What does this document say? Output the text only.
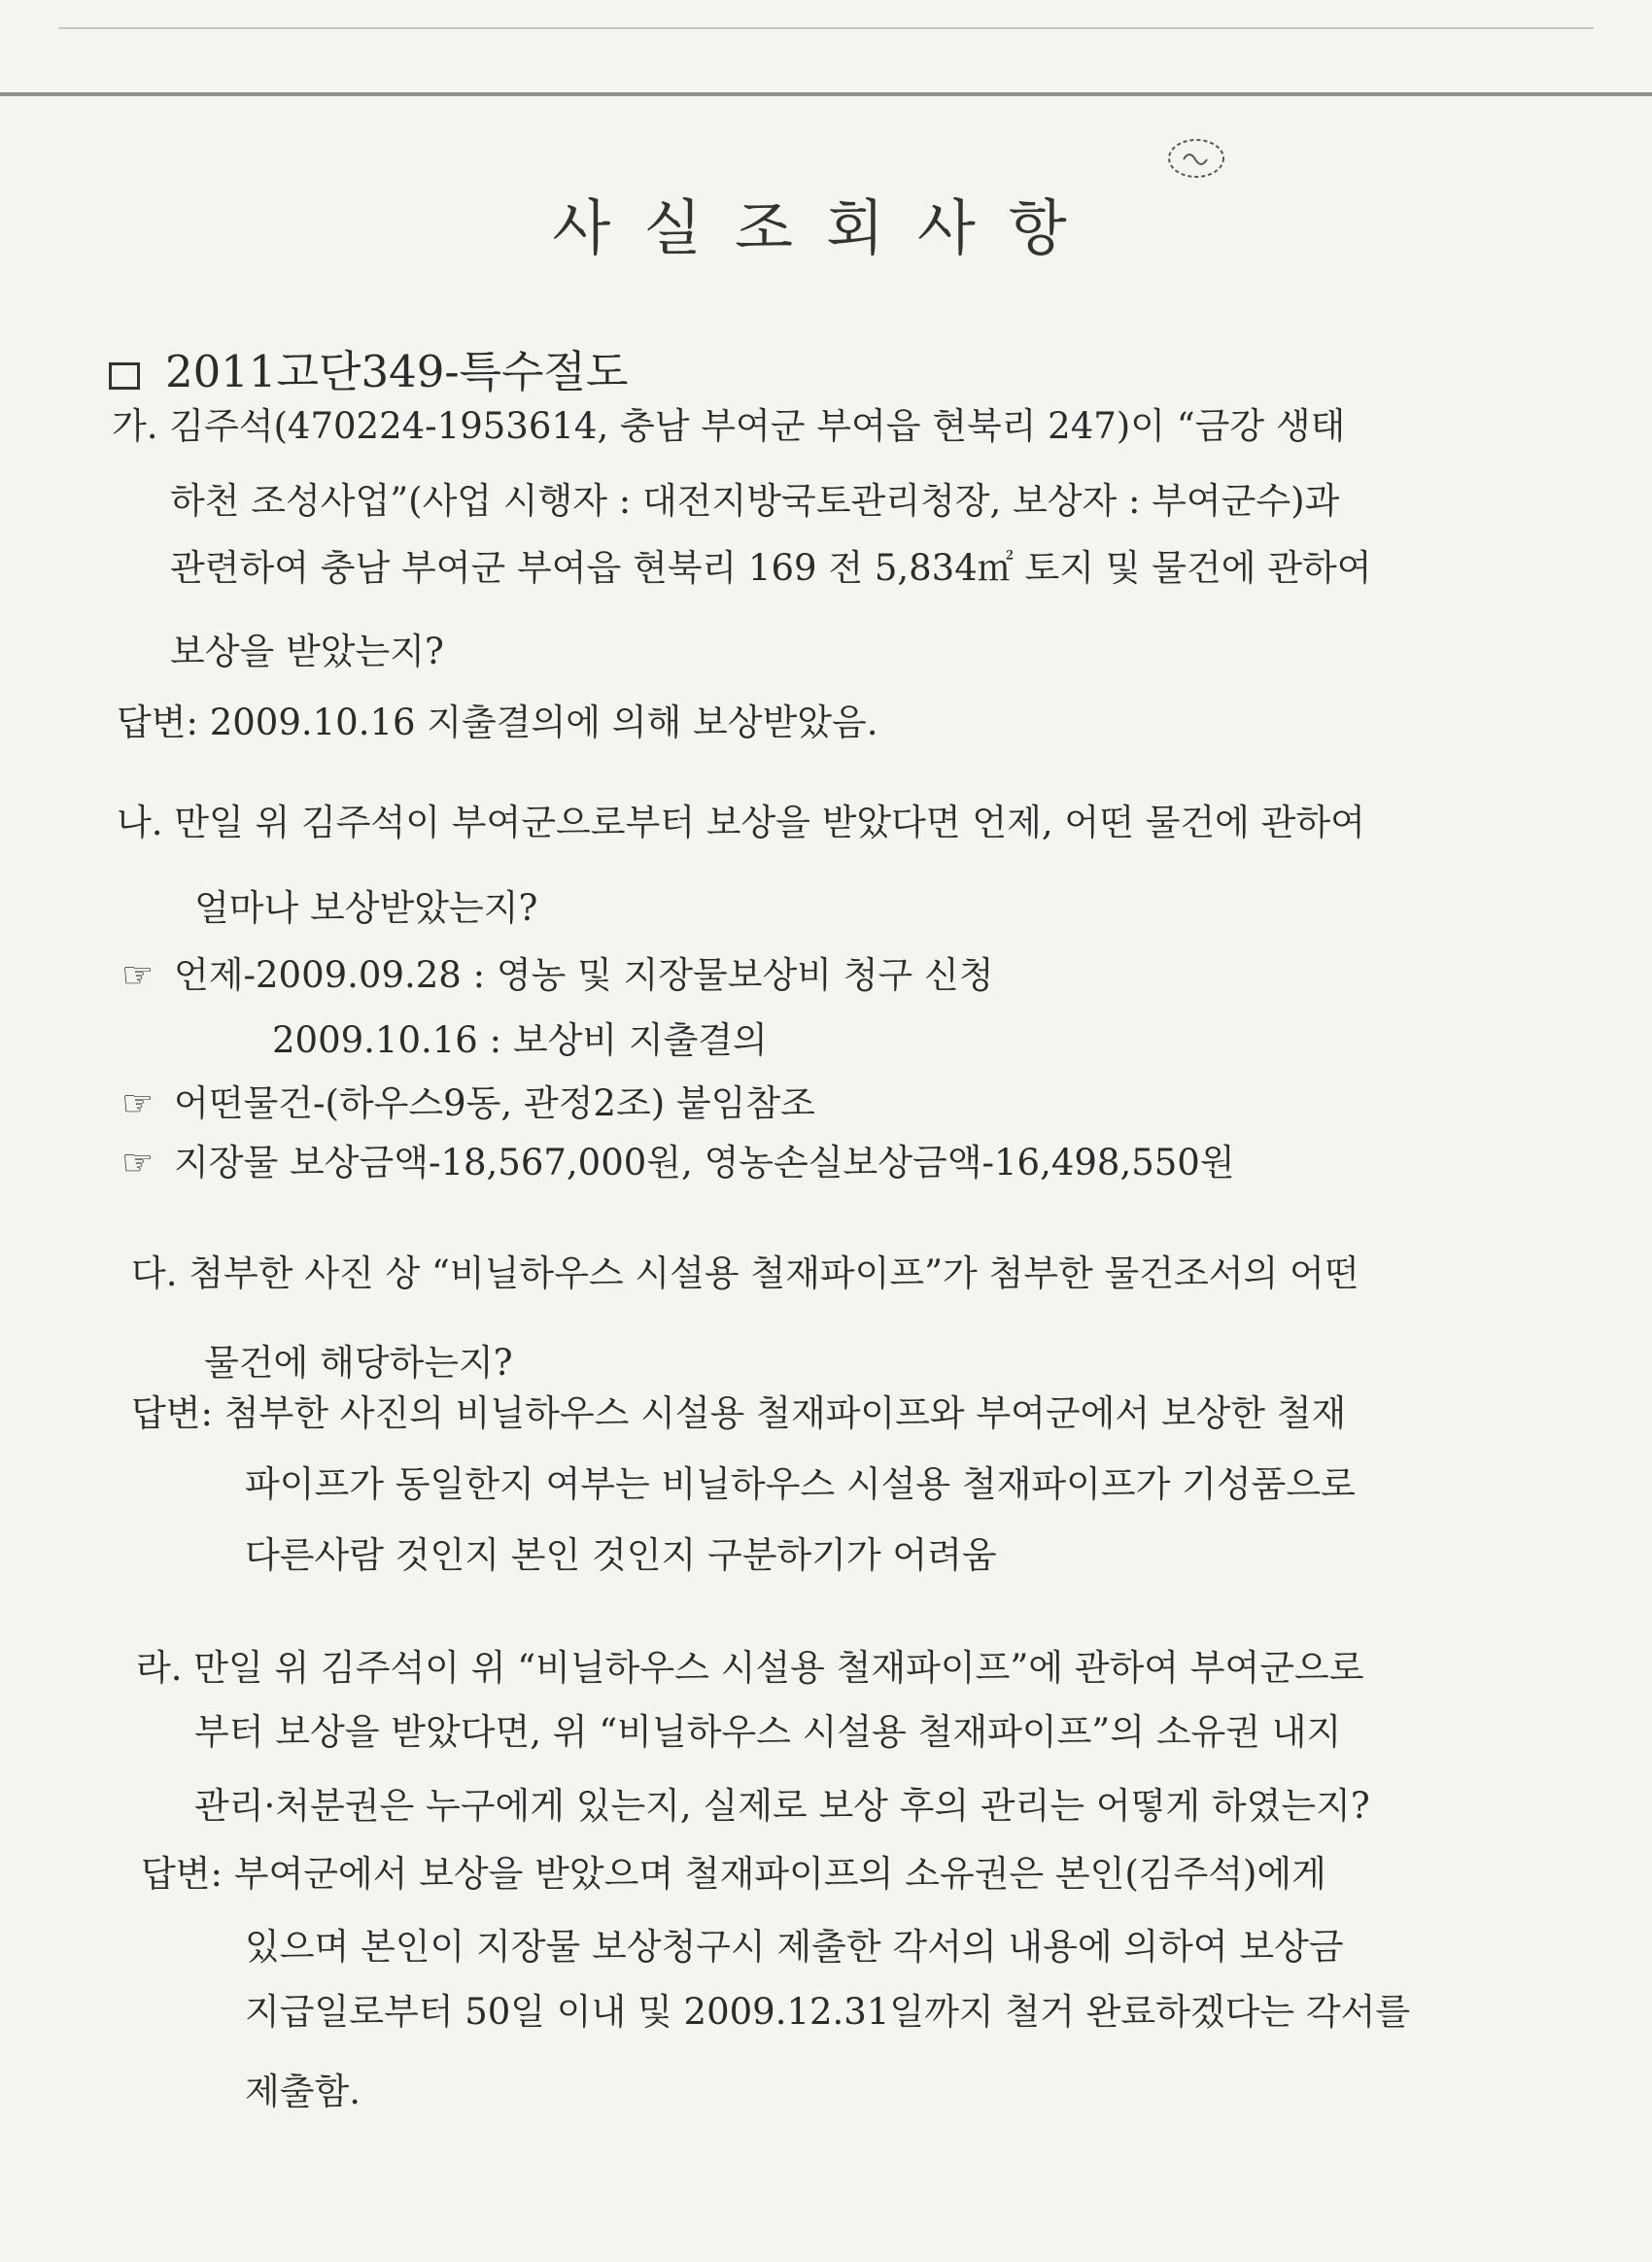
사실조회사항
2011고단349-특수절도
가. 김주석(470224-1953614, 충남 부여군 부여읍 현북리 247)이 “금강 생태
하천 조성사업”(사업 시행자 : 대전지방국토관리청장, 보상자 : 부여군수)과
관련하여 충남 부여군 부여읍 현북리 169 전 5,834㎡ 토지 및 물건에 관하여
보상을 받았는지?
답변: 2009.10.16 지출결의에 의해 보상받았음.
나. 만일 위 김주석이 부여군으로부터 보상을 받았다면 언제, 어떤 물건에 관하여
얼마나 보상받았는지?
☞ 언제-2009.09.28 : 영농 및 지장물보상비 청구 신청
2009.10.16 : 보상비 지출결의
☞ 어떤물건-(하우스9동, 관정2조) 붙임참조
☞ 지장물 보상금액-18,567,000원, 영농손실보상금액-16,498,550원
다. 첨부한 사진 상 “비닐하우스 시설용 철재파이프”가 첨부한 물건조서의 어떤
물건에 해당하는지?
답변: 첨부한 사진의 비닐하우스 시설용 철재파이프와 부여군에서 보상한 철재
파이프가 동일한지 여부는 비닐하우스 시설용 철재파이프가 기성품으로
다른사람 것인지 본인 것인지 구분하기가 어려움
라. 만일 위 김주석이 위 “비닐하우스 시설용 철재파이프”에 관하여 부여군으로
부터 보상을 받았다면, 위 “비닐하우스 시설용 철재파이프”의 소유권 내지
관리·처분권은 누구에게 있는지, 실제로 보상 후의 관리는 어떻게 하였는지?
답변: 부여군에서 보상을 받았으며 철재파이프의 소유권은 본인(김주석)에게
있으며 본인이 지장물 보상청구시 제출한 각서의 내용에 의하여 보상금
지급일로부터 50일 이내 및 2009.12.31일까지 철거 완료하겠다는 각서를
제출함.
